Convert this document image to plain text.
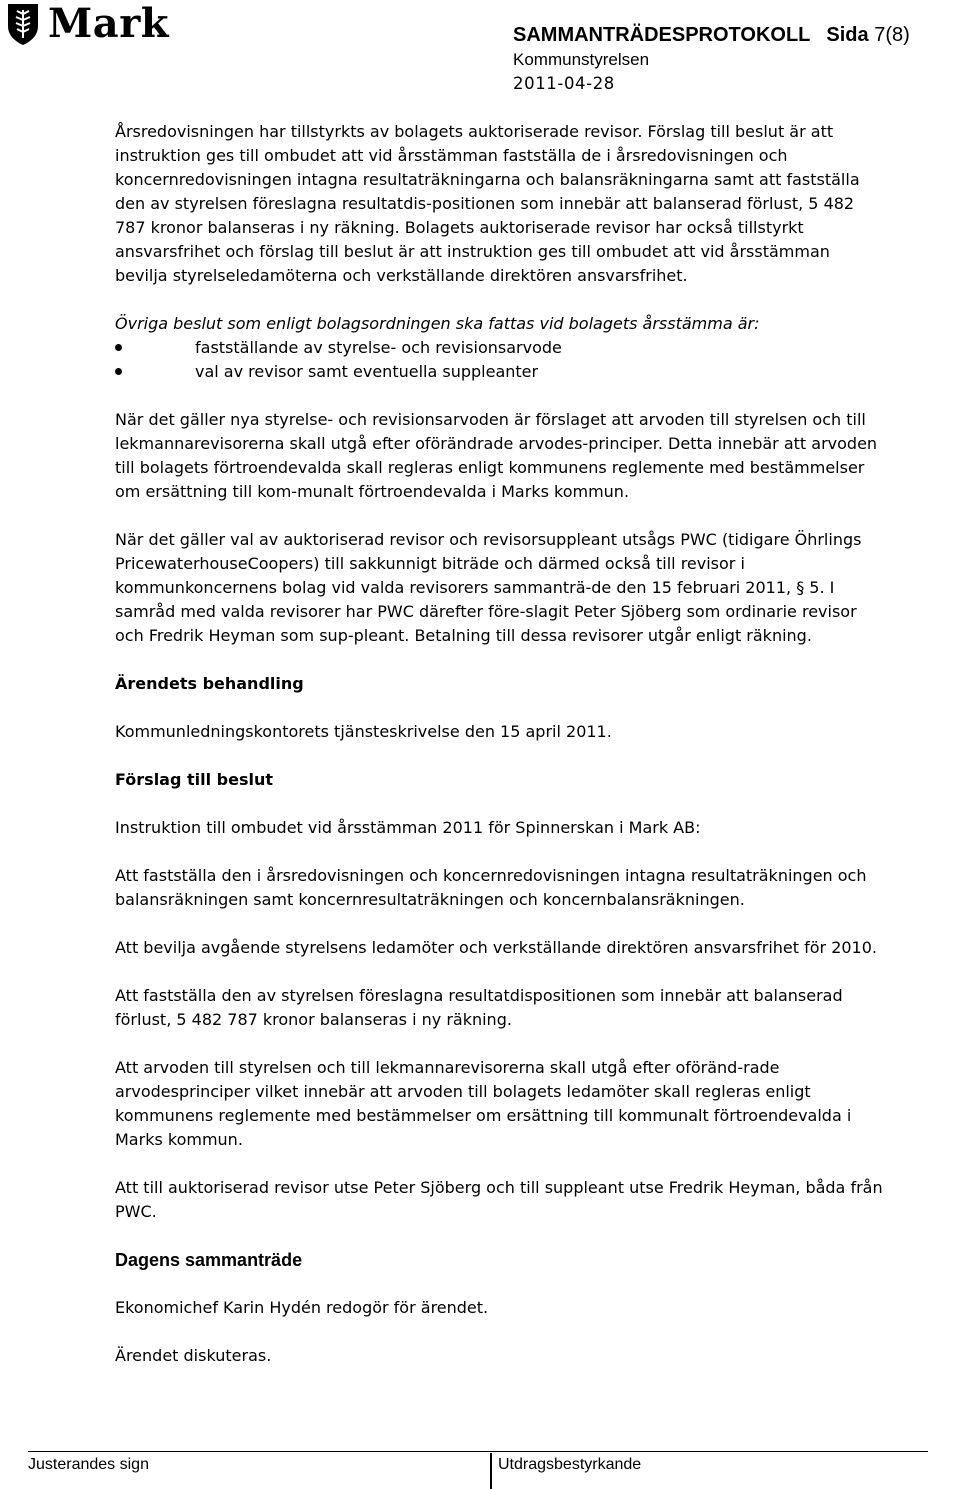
Mark	SAMMANTRÄDESPROTOKOLL Sida 7(8)
Kommunstyrelsen
2011-04-28

Årsredovisningen har tillstyrkts av bolagets auktoriserade revisor. Förslag till beslut är att instruktion ges till ombudet att vid årsstämman fastställa de i årsredovisningen och koncernredovisningen intagna resultaträkningarna och balansräkningarna samt att fastställa den av styrelsen föreslagna resultatdis-positionen som innebär att balanserad förlust, 5 482 787 kronor balanseras i ny räkning. Bolagets auktoriserade revisor har också tillstyrkt ansvarsfrihet och förslag till beslut är att instruktion ges till ombudet att vid årsstämman bevilja styrelseledamöterna och verkställande direktören ansvarsfrihet.

Övriga beslut som enligt bolagsordningen ska fattas vid bolagets årsstämma är:

fastställande av styrelse- och revisionsarvode
val av revisor samt eventuella suppleanter

När det gäller nya styrelse- och revisionsarvoden är förslaget att arvoden till styrelsen och till lekmannarevisorerna skall utgå efter oförändrade arvodes-principer. Detta innebär att arvoden till bolagets förtroendevalda skall regleras enligt kommunens reglemente med bestämmelser om ersättning till kom-munalt förtroendevalda i Marks kommun.

När det gäller val av auktoriserad revisor och revisorsuppleant utsågs PWC (tidigare Öhrlings PricewaterhouseCoopers) till sakkunnigt biträde och därmed också till revisor i kommunkoncernens bolag vid valda revisorers sammanträ-de den 15 februari 2011, § 5. I samråd med valda revisorer har PWC därefter före-slagit Peter Sjöberg som ordinarie revisor och Fredrik Heyman som sup-pleant. Betalning till dessa revisorer utgår enligt räkning.

Ärendets behandling

Kommunledningskontorets tjänsteskrivelse den 15 april 2011.

Förslag till beslut

Instruktion till ombudet vid årsstämman 2011 för Spinnerskan i Mark AB:

Att fastställa den i årsredovisningen och koncernredovisningen intagna resultaträkningen och balansräkningen samt koncernresultaträkningen och koncernbalansräkningen.

Att bevilja avgående styrelsens ledamöter och verkställande direktören ansvarsfrihet för 2010.

Att fastställa den av styrelsen föreslagna resultatdispositionen som innebär att balanserad förlust, 5 482 787 kronor balanseras i ny räkning.

Att arvoden till styrelsen och till lekmannarevisorerna skall utgå efter oföränd-rade arvodesprinciper vilket innebär att arvoden till bolagets ledamöter skall regleras enligt kommunens reglemente med bestämmelser om ersättning till kommunalt förtroendevalda i Marks kommun.

Att till auktoriserad revisor utse Peter Sjöberg och till suppleant utse Fredrik Heyman, båda från PWC.

Dagens sammanträde

Ekonomichef Karin Hydén redogör för ärendet.

Ärendet diskuteras.

Justerandes sign	Utdragsbestyrkande
